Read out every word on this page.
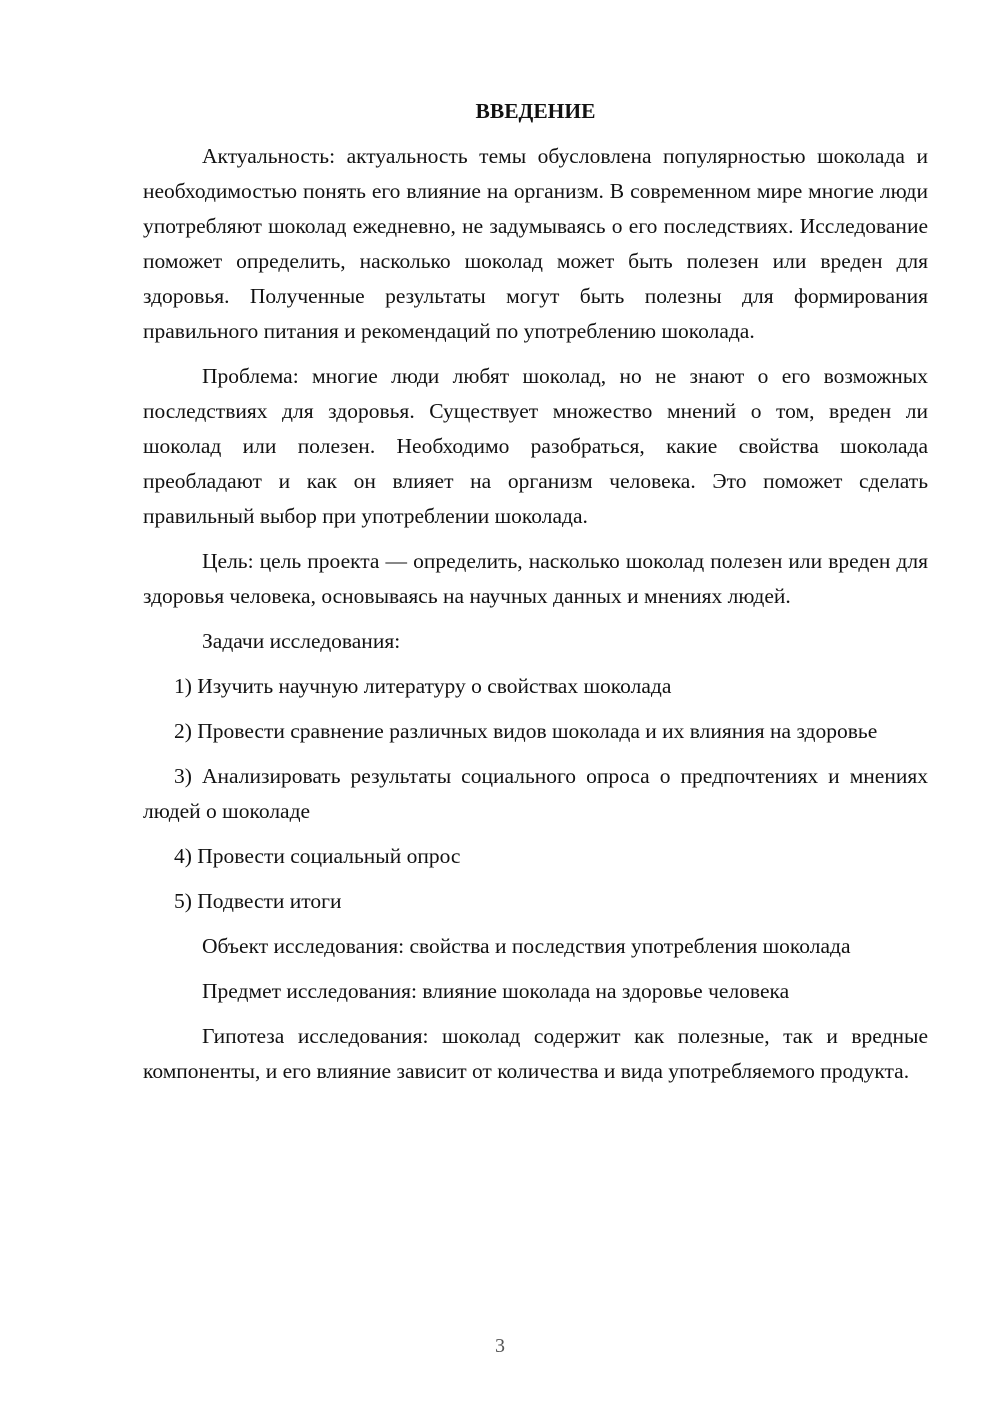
ВВЕДЕНИЕ

Актуальность: актуальность темы обусловлена популярностью шоколада и необходимостью понять его влияние на организм. В современном мире многие люди употребляют шоколад ежедневно, не задумываясь о его последствиях. Исследование поможет определить, насколько шоколад может быть полезен или вреден для здоровья. Полученные результаты могут быть полезны для формирования правильного питания и рекомендаций по употреблению шоколада.

Проблема: многие люди любят шоколад, но не знают о его возможных последствиях для здоровья. Существует множество мнений о том, вреден ли шоколад или полезен. Необходимо разобраться, какие свойства шоколада преобладают и как он влияет на организм человека. Это поможет сделать правильный выбор при употреблении шоколада.

Цель: цель проекта — определить, насколько шоколад полезен или вреден для здоровья человека, основываясь на научных данных и мнениях людей.

Задачи исследования:

1) Изучить научную литературу о свойствах шоколада

2) Провести сравнение различных видов шоколада и их влияния на здоровье

3) Анализировать результаты социального опроса о предпочтениях и мнениях людей о шоколаде

4) Провести социальный опрос

5) Подвести итоги

Объект исследования: свойства и последствия употребления шоколада

Предмет исследования: влияние шоколада на здоровье человека

Гипотеза исследования: шоколад содержит как полезные, так и вредные компоненты, и его влияние зависит от количества и вида употребляемого продукта.

3
